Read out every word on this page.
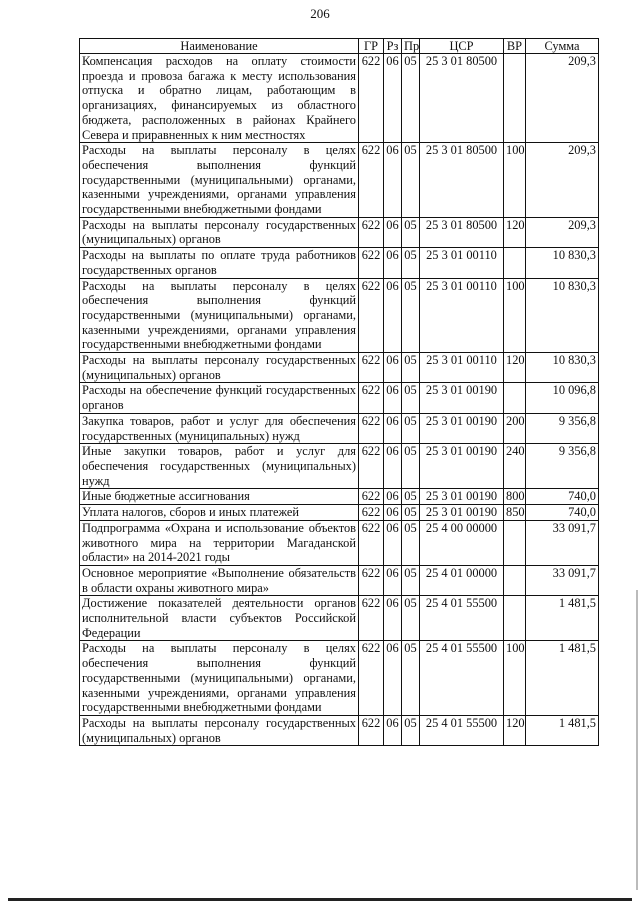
206
Наименование	ГР	Рз	Пр	ЦСР	ВР	Сумма
Компенсация расходов на оплату стоимости проезда и провоза багажа к месту использования отпуска и обратно лицам, работающим в организациях, финансируемых из областного бюджета, расположенных в районах Крайнего Севера и приравненных к ним местностях	622	06	05	25 3 01 80500		209,3
Расходы на выплаты персоналу в целях обеспечения выполнения функций государственными (муниципальными) органами, казенными учреждениями, органами управления государственными внебюджетными фондами	622	06	05	25 3 01 80500	100	209,3
Расходы на выплаты персоналу государственных (муниципальных) органов	622	06	05	25 3 01 80500	120	209,3
Расходы на выплаты по оплате труда работников государственных органов	622	06	05	25 3 01 00110		10 830,3
Расходы на выплаты персоналу в целях обеспечения выполнения функций государственными (муниципальными) органами, казенными учреждениями, органами управления государственными внебюджетными фондами	622	06	05	25 3 01 00110	100	10 830,3
Расходы на выплаты персоналу государственных (муниципальных) органов	622	06	05	25 3 01 00110	120	10 830,3
Расходы на обеспечение функций государственных органов	622	06	05	25 3 01 00190		10 096,8
Закупка товаров, работ и услуг для обеспечения государственных (муниципальных) нужд	622	06	05	25 3 01 00190	200	9 356,8
Иные закупки товаров, работ и услуг для обеспечения государственных (муниципальных) нужд	622	06	05	25 3 01 00190	240	9 356,8
Иные бюджетные ассигнования	622	06	05	25 3 01 00190	800	740,0
Уплата налогов, сборов и иных платежей	622	06	05	25 3 01 00190	850	740,0
Подпрограмма «Охрана и использование объектов животного мира на территории Магаданской области» на 2014-2021 годы	622	06	05	25 4 00 00000		33 091,7
Основное мероприятие «Выполнение обязательств в области охраны животного мира»	622	06	05	25 4 01 00000		33 091,7
Достижение показателей деятельности органов исполнительной власти субъектов Российской Федерации	622	06	05	25 4 01 55500		1 481,5
Расходы на выплаты персоналу в целях обеспечения выполнения функций государственными (муниципальными) органами, казенными учреждениями, органами управления государственными внебюджетными фондами	622	06	05	25 4 01 55500	100	1 481,5
Расходы на выплаты персоналу государственных (муниципальных) органов	622	06	05	25 4 01 55500	120	1 481,5
